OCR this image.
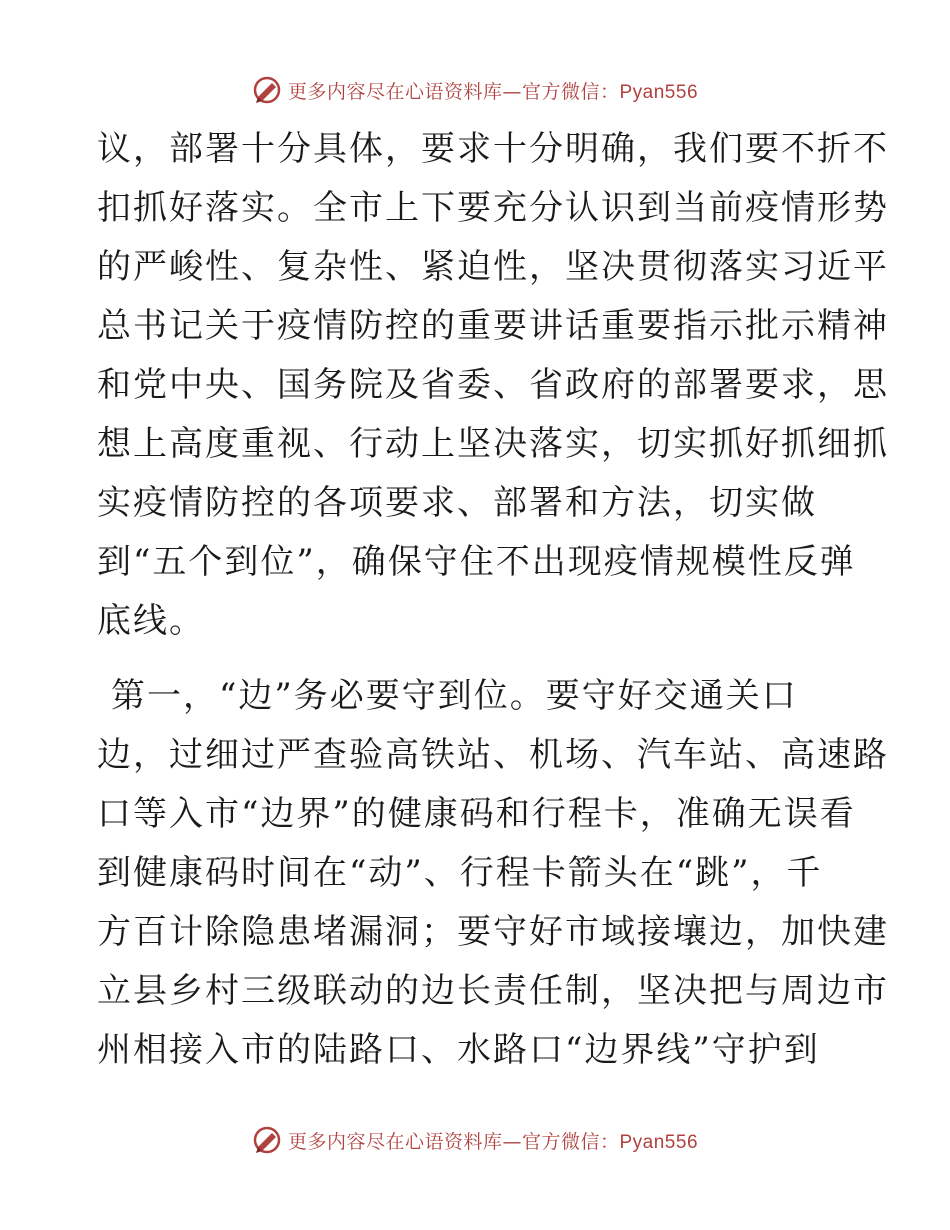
更多内容尽在心语资料库—官方微信：Pyan556
议，部署十分具体，要求十分明确，我们要不折不
扣抓好落实。全市上下要充分认识到当前疫情形势
的严峻性、复杂性、紧迫性，坚决贯彻落实习近平
总书记关于疫情防控的重要讲话重要指示批示精神
和党中央、国务院及省委、省政府的部署要求，思
想上高度重视、行动上坚决落实，切实抓好抓细抓
实疫情防控的各项要求、部署和方法，切实做
到“五个到位”，确保守住不出现疫情规模性反弹
底线。
第一，“边”务必要守到位。要守好交通关口
边，过细过严查验高铁站、机场、汽车站、高速路
口等入市“边界”的健康码和行程卡，准确无误看
到健康码时间在“动”、行程卡箭头在“跳”，千
方百计除隐患堵漏洞；要守好市域接壤边，加快建
立县乡村三级联动的边长责任制，坚决把与周边市
州相接入市的陆路口、水路口“边界线”守护到
更多内容尽在心语资料库—官方微信：Pyan556
